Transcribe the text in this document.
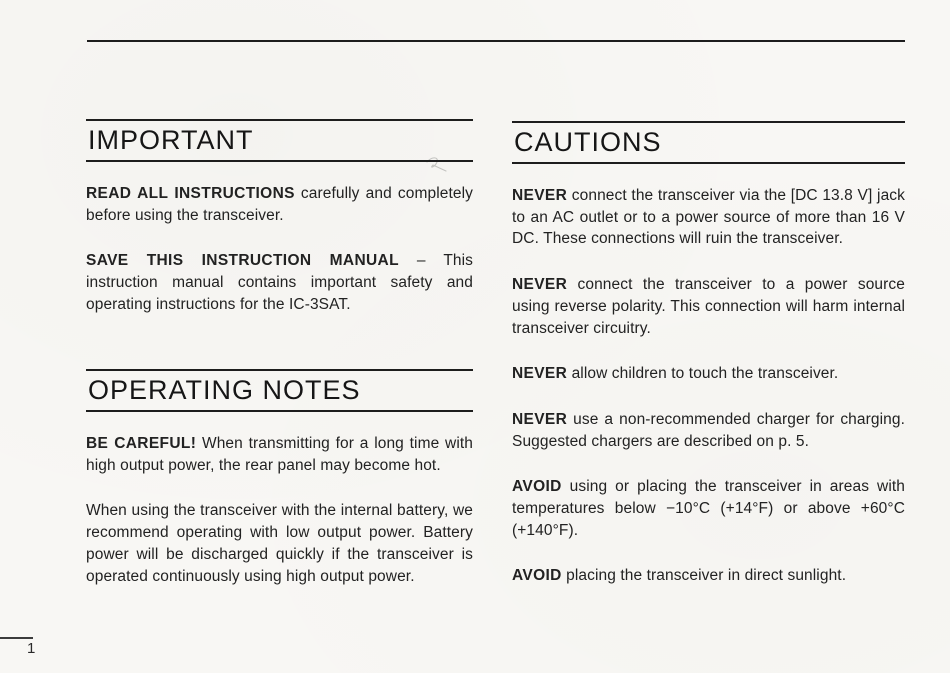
IMPORTANT

READ ALL INSTRUCTIONS carefully and completely before using the transceiver.

SAVE THIS INSTRUCTION MANUAL – This instruction manual contains important safety and operating instructions for the IC-3SAT.

OPERATING NOTES

BE CAREFUL! When transmitting for a long time with high output power, the rear panel may become hot.

When using the transceiver with the internal battery, we recommend operating with low output power. Battery power will be discharged quickly if the transceiver is operated continuously using high output power.

CAUTIONS

NEVER connect the transceiver via the [DC 13.8 V] jack to an AC outlet or to a power source of more than 16 V DC. These connections will ruin the transceiver.

NEVER connect the transceiver to a power source using reverse polarity. This connection will harm internal transceiver circuitry.

NEVER allow children to touch the transceiver.

NEVER use a non-recommended charger for charging. Suggested chargers are described on p. 5.

AVOID using or placing the transceiver in areas with temperatures below −10°C (+14°F) or above +60°C (+140°F).

AVOID placing the transceiver in direct sunlight.

1
